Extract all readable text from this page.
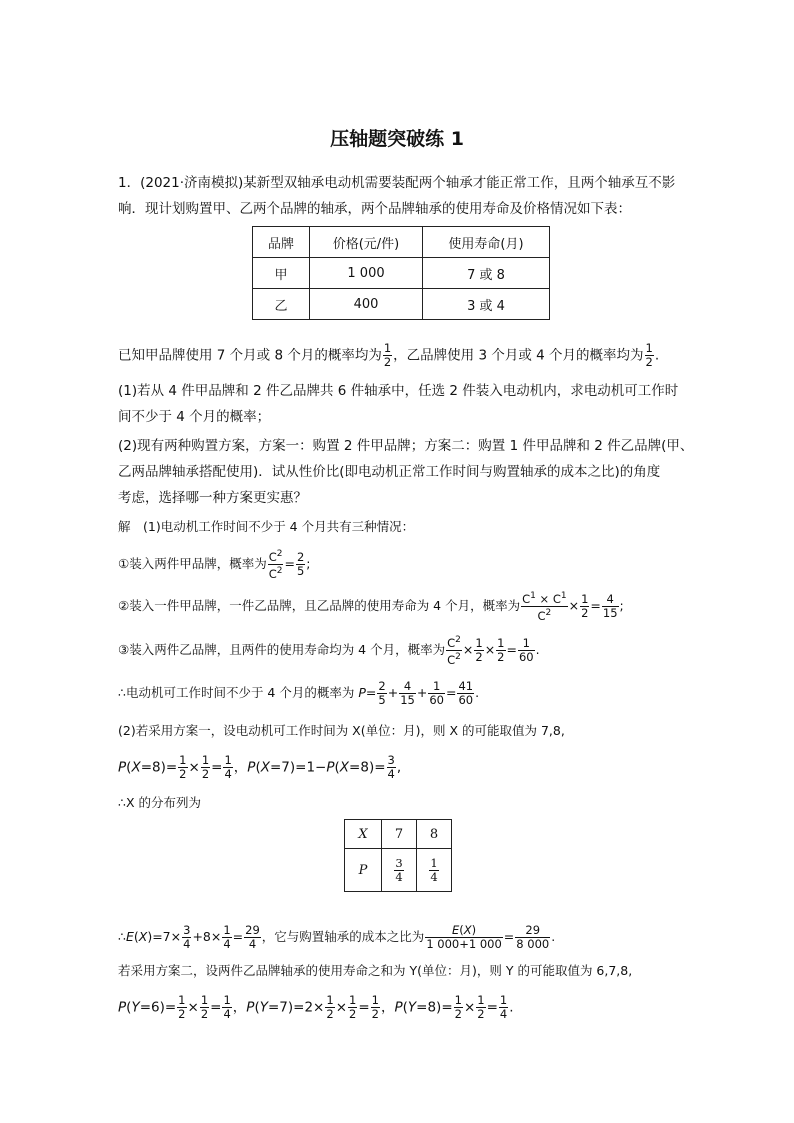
压轴题突破练 1
1．(2021·济南模拟)某新型双轴承电动机需要装配两个轴承才能正常工作，且两个轴承互不影
响．现计划购置甲、乙两个品牌的轴承，两个品牌轴承的使用寿命及价格情况如下表：
品牌	价格(元/件)	使用寿命(月)
甲	1 000	7 或 8
乙	400	3 或 4
已知甲品牌使用 7 个月或 8 个月的概率均为 $\frac{1}{2}$ ，乙品牌使用 3 个月或 4 个月的概率均为 $\frac{1}{2}$ .
(1)若从 4 件甲品牌和 2 件乙品牌共 6 件轴承中，任选 2 件装入电动机内，求电动机可工作时
间不少于 4 个月的概率；
(2)现有两种购置方案，方案一：购置 2 件甲品牌；方案二：购置 1 件甲品牌和 2 件乙品牌(甲、
乙两品牌轴承搭配使用)．试从性价比(即电动机正常工作时间与购置轴承的成本之比)的角度
考虑，选择哪一种方案更实惠？
解　(1)电动机工作时间不少于 4 个月共有三种情况：
①装入两件甲品牌，概率为 $\frac{C^2}{C^2} = \frac{2}{5}$ ;
②装入一件甲品牌，一件乙品牌，且乙品牌的使用寿命为 4 个月，概率为 $\frac{C^1 \times C^1}{C^2} \times \frac{1}{2} = \frac{4}{15}$ ;
③装入两件乙品牌，且两件的使用寿命均为 4 个月，概率为 $\frac{C^2}{C^2} \times \frac{1}{2} \times \frac{1}{2} = \frac{1}{60}$ .
∴电动机可工作时间不少于 4 个月的概率为 $P= \frac{2}{5} + \frac{4}{15} + \frac{1}{60} = \frac{41}{60}$ .
(2)若采用方案一，设电动机可工作时间为 X(单位：月)，则 X 的可能取值为 7,8,
$P(X=8)= \frac{1}{2} \times \frac{1}{2} = \frac{1}{4}$ ，$P(X=7)=1-P(X=8)= \frac{3}{4}$ ,
∴X 的分布列为
X	7	8
P	$\frac{3}{4}$	$\frac{1}{4}$
∴E(X)=7× $\frac{3}{4} +8\times \frac{1}{4} = \frac{29}{4}$ ，它与购置轴承的成本之比为 $\frac{E(X)}{1 000+1 000} = \frac{29}{8 000}$ .
若采用方案二，设两件乙品牌轴承的使用寿命之和为 Y(单位：月)，则 Y 的可能取值为 6,7,8,
$P(Y=6)= \frac{1}{2} \times \frac{1}{2} = \frac{1}{4}$ ，$P(Y=7)=2\times \frac{1}{2} \times \frac{1}{2} = \frac{1}{2}$ ，$P(Y=8)= \frac{1}{2} \times \frac{1}{2} = \frac{1}{4}$ .
